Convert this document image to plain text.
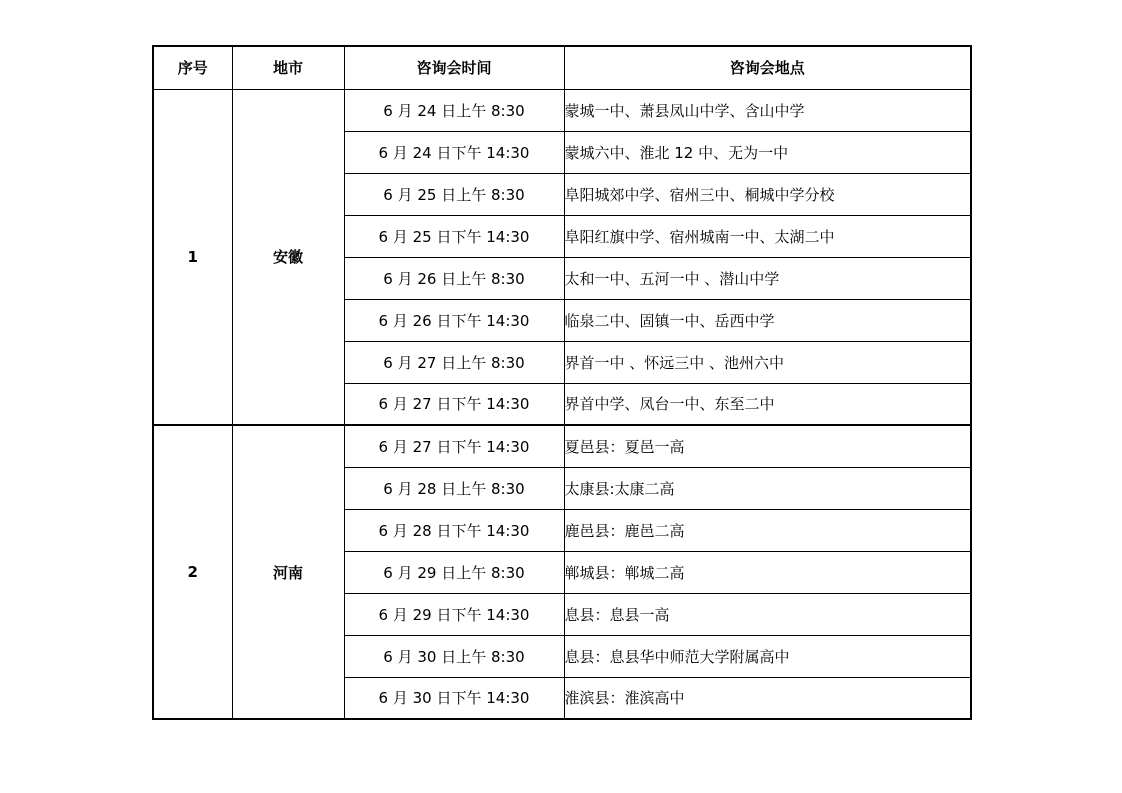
序号	地市	咨询会时间	咨询会地点
1	安徽	6 月 24 日上午 8:30	蒙城一中、萧县凤山中学、含山中学
		6 月 24 日下午 14:30	蒙城六中、淮北 12 中、无为一中
		6 月 25 日上午 8:30	阜阳城郊中学、宿州三中、桐城中学分校
		6 月 25 日下午 14:30	阜阳红旗中学、宿州城南一中、太湖二中
		6 月 26 日上午 8:30	太和一中、五河一中 、潜山中学
		6 月 26 日下午 14:30	临泉二中、固镇一中、岳西中学
		6 月 27 日上午 8:30	界首一中 、怀远三中 、池州六中
		6 月 27 日下午 14:30	界首中学、凤台一中、东至二中
2	河南	6 月 27 日下午 14:30	夏邑县：夏邑一高
		6 月 28 日上午 8:30	太康县:太康二高
		6 月 28 日下午 14:30	鹿邑县：鹿邑二高
		6 月 29 日上午 8:30	郸城县：郸城二高
		6 月 29 日下午 14:30	息县：息县一高
		6 月 30 日上午 8:30	息县：息县华中师范大学附属高中
		6 月 30 日下午 14:30	淮滨县：淮滨高中
